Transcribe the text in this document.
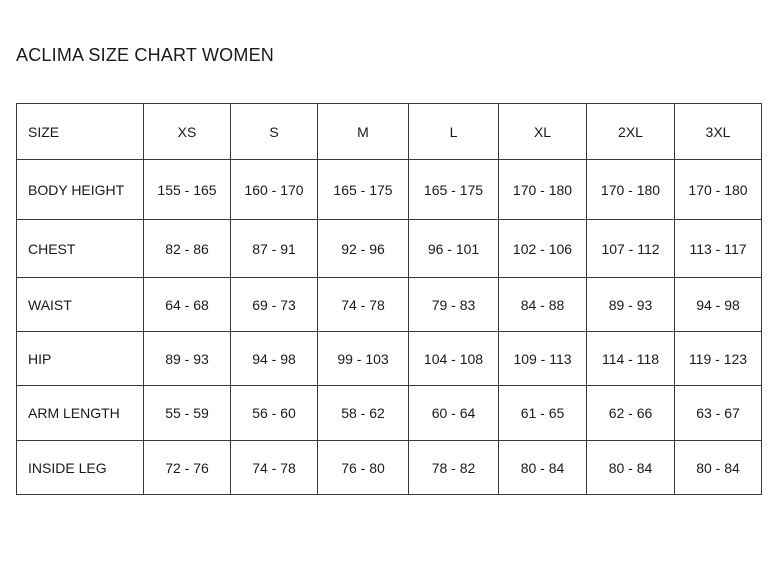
ACLIMA SIZE CHART WOMEN
SIZE	XS	S	M	L	XL	2XL	3XL
BODY HEIGHT	155 - 165	160 - 170	165 - 175	165 - 175	170 - 180	170 - 180	170 - 180
CHEST	82 - 86	87 - 91	92 - 96	96 - 101	102 - 106	107 - 112	113 - 117
WAIST	64 - 68	69 - 73	74 - 78	79 - 83	84 - 88	89 - 93	94 - 98
HIP	89 - 93	94 - 98	99 - 103	104 - 108	109 - 113	114 - 118	119 - 123
ARM LENGTH	55 - 59	56 - 60	58 - 62	60 - 64	61 - 65	62 - 66	63 - 67
INSIDE LEG	72 - 76	74 - 78	76 - 80	78 - 82	80 - 84	80 - 84	80 - 84
